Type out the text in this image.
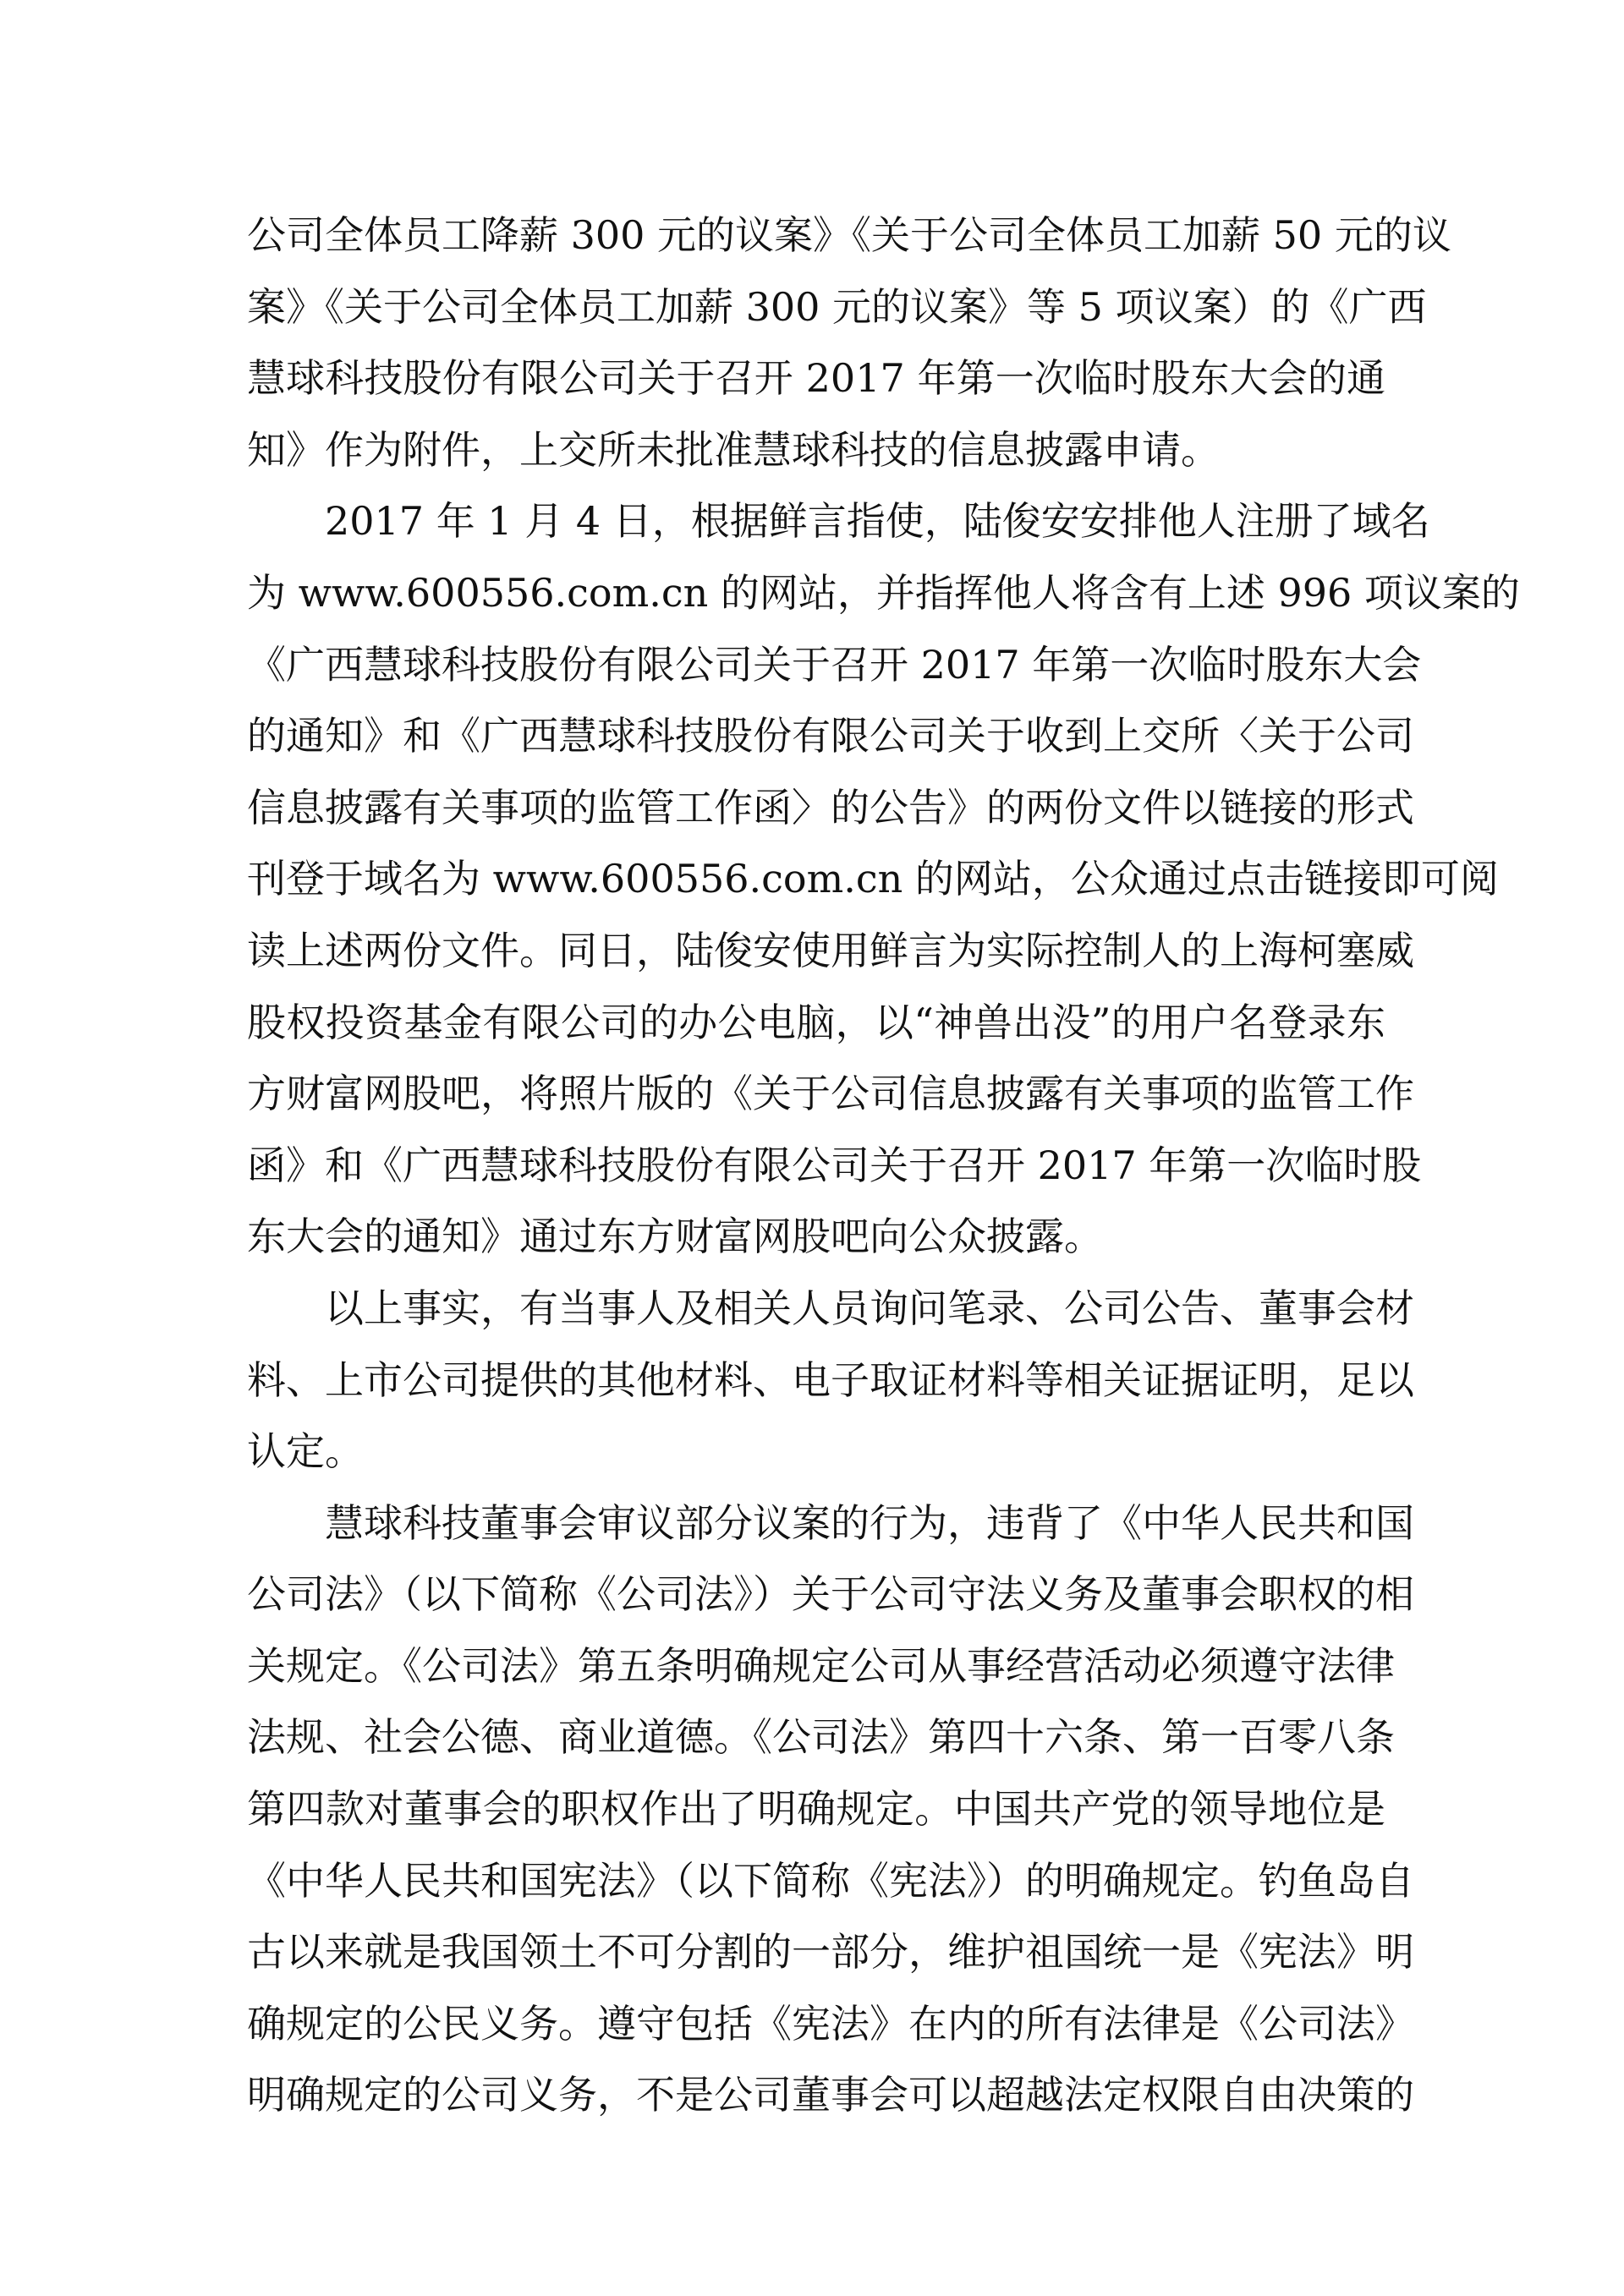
公司全体员工降薪 300 元的议案》《关于公司全体员工加薪 50 元的议
案》《关于公司全体员工加薪 300 元的议案》等 5 项议案）的《广西
慧球科技股份有限公司关于召开 2017 年第一次临时股东大会的通
知》作为附件，上交所未批准慧球科技的信息披露申请。
2017 年 1 月 4 日，根据鲜言指使，陆俊安安排他人注册了域名
为 www.600556.com.cn 的网站，并指挥他人将含有上述 996 项议案的
《广西慧球科技股份有限公司关于召开 2017 年第一次临时股东大会
的通知》和《广西慧球科技股份有限公司关于收到上交所〈关于公司
信息披露有关事项的监管工作函〉的公告》的两份文件以链接的形式
刊登于域名为 www.600556.com.cn 的网站，公众通过点击链接即可阅
读上述两份文件。同日，陆俊安使用鲜言为实际控制人的上海柯塞威
股权投资基金有限公司的办公电脑，以“神兽出没”的用户名登录东
方财富网股吧，将照片版的《关于公司信息披露有关事项的监管工作
函》和《广西慧球科技股份有限公司关于召开 2017 年第一次临时股
东大会的通知》通过东方财富网股吧向公众披露。
以上事实，有当事人及相关人员询问笔录、公司公告、董事会材
料、上市公司提供的其他材料、电子取证材料等相关证据证明，足以
认定。
慧球科技董事会审议部分议案的行为，违背了《中华人民共和国
公司法》（以下简称《公司法》）关于公司守法义务及董事会职权的相
关规定。《公司法》第五条明确规定公司从事经营活动必须遵守法律
法规、社会公德、商业道德。《公司法》第四十六条、第一百零八条
第四款对董事会的职权作出了明确规定。中国共产党的领导地位是
《中华人民共和国宪法》（以下简称《宪法》）的明确规定。钓鱼岛自
古以来就是我国领土不可分割的一部分，维护祖国统一是《宪法》明
确规定的公民义务。遵守包括《宪法》在内的所有法律是《公司法》
明确规定的公司义务，不是公司董事会可以超越法定权限自由决策的
